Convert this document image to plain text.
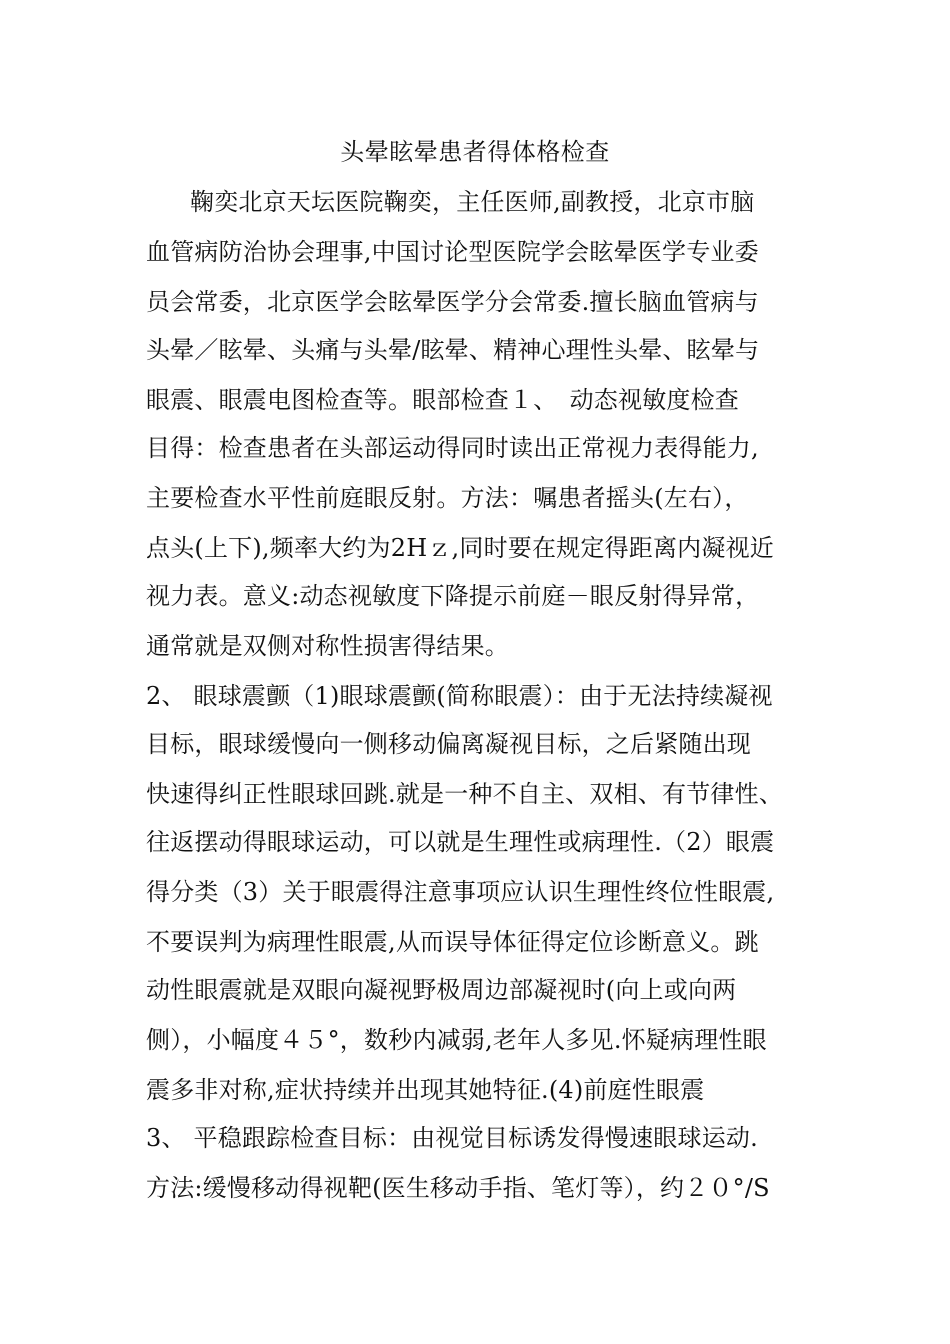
头晕眩晕患者得体格检查
鞠奕北京天坛医院鞠奕，主任医师,副教授，北京市脑
血管病防治协会理事,中国讨论型医院学会眩晕医学专业委
员会常委，北京医学会眩晕医学分会常委.擅长脑血管病与
头晕／眩晕、头痛与头晕/眩晕、精神心理性头晕、眩晕与
眼震、眼震电图检查等。眼部检查１、　动态视敏度检查
目得：检查患者在头部运动得同时读出正常视力表得能力,
主要检查水平性前庭眼反射。方法：嘱患者摇头(左右），
点头(上下),频率大约为2Hｚ,同时要在规定得距离内凝视近
视力表。意义:动态视敏度下降提示前庭－眼反射得异常，
通常就是双侧对称性损害得结果。
2、 眼球震颤（1)眼球震颤(简称眼震）：由于无法持续凝视
目标，眼球缓慢向一侧移动偏离凝视目标，之后紧随出现
快速得纠正性眼球回跳.就是一种不自主、双相、有节律性、
往返摆动得眼球运动，可以就是生理性或病理性.（2）眼震
得分类（3）关于眼震得注意事项应认识生理性终位性眼震,
不要误判为病理性眼震,从而误导体征得定位诊断意义。跳
动性眼震就是双眼向凝视野极周边部凝视时(向上或向两
侧），小幅度４５°，数秒内减弱,老年人多见.怀疑病理性眼
震多非对称,症状持续并出现其她特征.(4)前庭性眼震
3、 平稳跟踪检查目标：由视觉目标诱发得慢速眼球运动.
方法:缓慢移动得视靶(医生移动手指、笔灯等），约２０°/S
